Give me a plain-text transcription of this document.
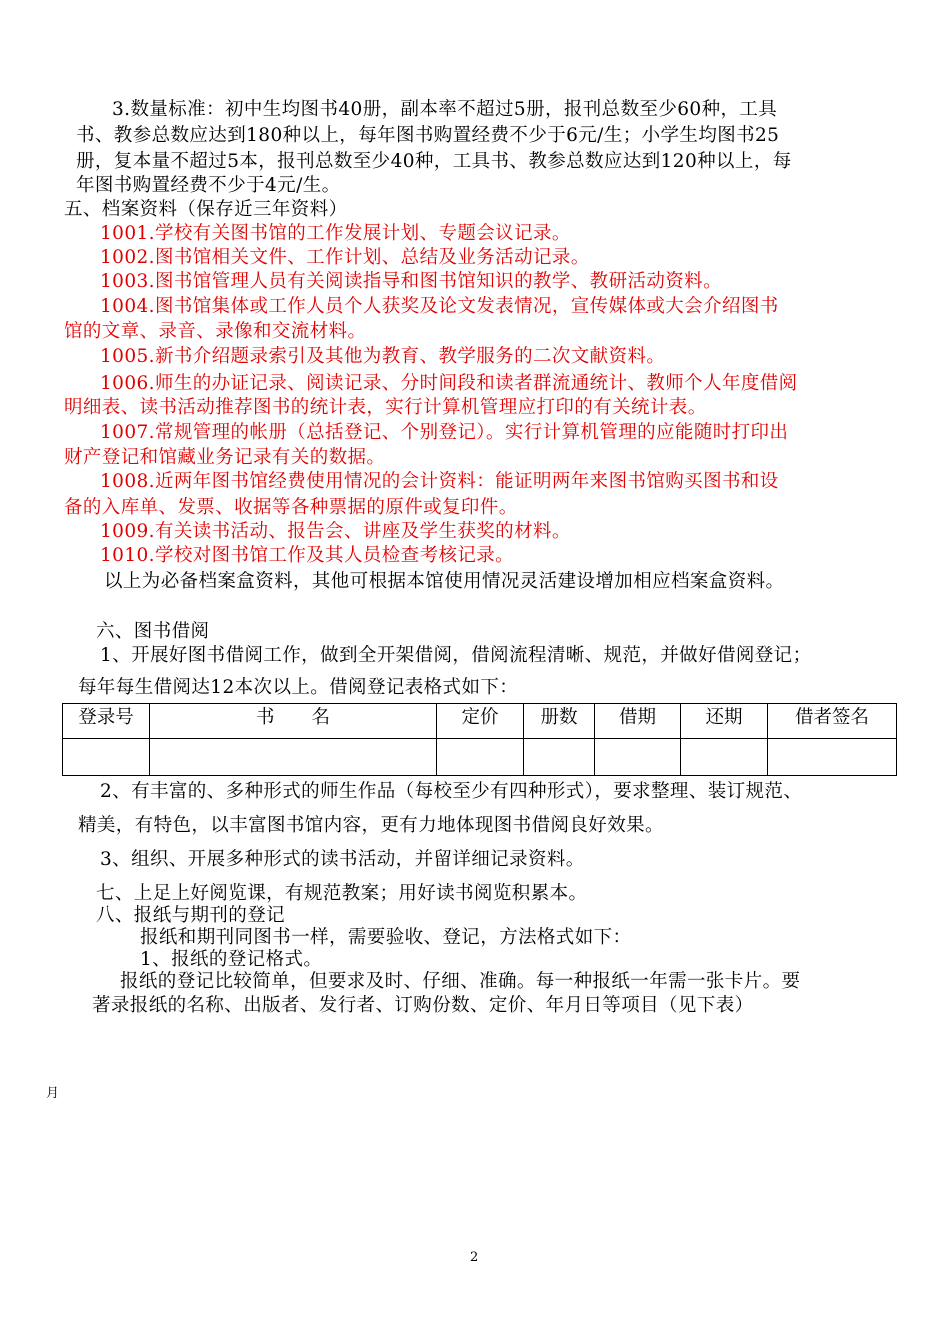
3.数量标准：初中生均图书40册，副本率不超过5册，报刊总数至少60种，工具
书、教参总数应达到180种以上，每年图书购置经费不少于6元/生；小学生均图书25
册，复本量不超过5本，报刊总数至少40种，工具书、教参总数应达到120种以上，每
年图书购置经费不少于4元/生。
五、档案资料（保存近三年资料）
1001.学校有关图书馆的工作发展计划、专题会议记录。
1002.图书馆相关文件、工作计划、总结及业务活动记录。
1003.图书馆管理人员有关阅读指导和图书馆知识的教学、教研活动资料。
1004.图书馆集体或工作人员个人获奖及论文发表情况，宣传媒体或大会介绍图书
馆的文章、录音、录像和交流材料。
1005.新书介绍题录索引及其他为教育、教学服务的二次文献资料。
1006.师生的办证记录、阅读记录、分时间段和读者群流通统计、教师个人年度借阅
明细表、读书活动推荐图书的统计表，实行计算机管理应打印的有关统计表。
1007.常规管理的帐册（总括登记、个别登记）。实行计算机管理的应能随时打印出
财产登记和馆藏业务记录有关的数据。
1008.近两年图书馆经费使用情况的会计资料：能证明两年来图书馆购买图书和设
备的入库单、发票、收据等各种票据的原件或复印件。
1009.有关读书活动、报告会、讲座及学生获奖的材料。
1010.学校对图书馆工作及其人员检查考核记录。
以上为必备档案盒资料，其他可根据本馆使用情况灵活建设增加相应档案盒资料。
六、图书借阅
1、开展好图书借阅工作，做到全开架借阅，借阅流程清晰、规范，并做好借阅登记；
每年每生借阅达12本次以上。借阅登记表格式如下：
登录号	书　　名	定价	册数	借期	还期	借者签名

2、有丰富的、多种形式的师生作品（每校至少有四种形式），要求整理、装订规范、
精美，有特色，以丰富图书馆内容，更有力地体现图书借阅良好效果。
3、组织、开展多种形式的读书活动，并留详细记录资料。
七、上足上好阅览课，有规范教案；用好读书阅览积累本。
八、报纸与期刊的登记
报纸和期刊同图书一样，需要验收、登记，方法格式如下：
1、报纸的登记格式。
报纸的登记比较简单，但要求及时、仔细、准确。每一种报纸一年需一张卡片。要
著录报纸的名称、出版者、发行者、订购份数、定价、年月日等项目（见下表）
月
2
